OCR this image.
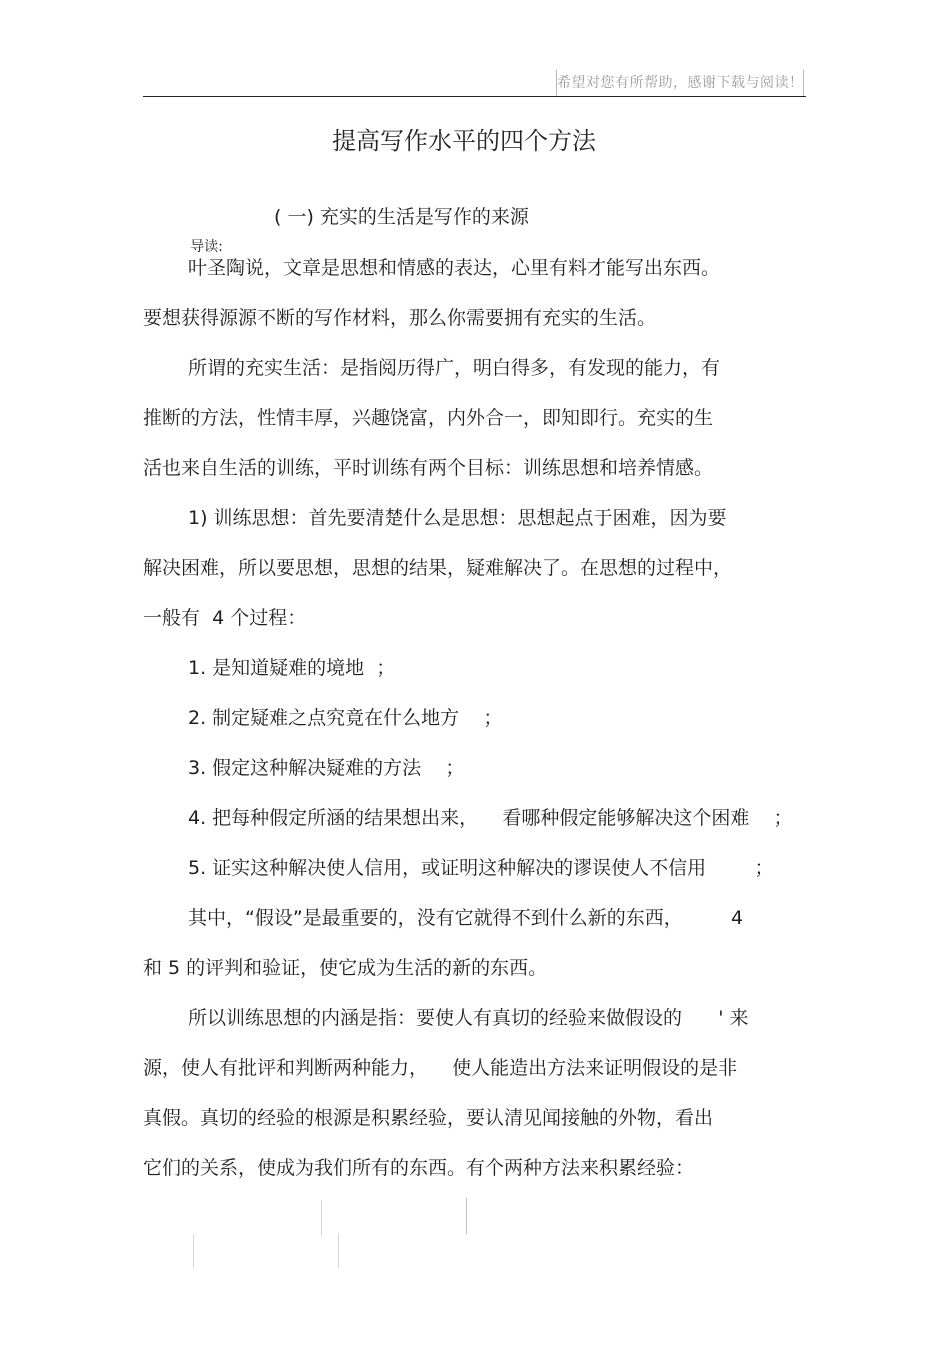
希望对您有所帮助，感谢下载与阅读！
提高写作水平的四个方法

导读:

( 一) 充实的生活是写作的来源
叶圣陶说，文章是思想和情感的表达，心里有料才能写出东西。
要想获得源源不断的写作材料，那么你需要拥有充实的生活。
所谓的充实生活：是指阅历得广，明白得多，有发现的能力，有
推断的方法，性情丰厚，兴趣饶富，内外合一，即知即行。充实的生
活也来自生活的训练，平时训练有两个目标：训练思想和培养情感。
1) 训练思想：首先要清楚什么是思想：思想起点于困难，因为要
解决困难，所以要思想，思想的结果，疑难解决了。在思想的过程中，
一般有  4 个过程：
1. 是知道疑难的境地  ；
2. 制定疑难之点究竟在什么地方    ；
3. 假定这种解决疑难的方法    ；
4. 把每种假定所涵的结果想出来，    看哪种假定能够解决这个困难    ；
5. 证实这种解决使人信用，或证明这种解决的谬误使人不信用        ；
其中，“假设”是最重要的，没有它就得不到什么新的东西，        4
和 5 的评判和验证，使它成为生活的新的东西。
所以训练思想的内涵是指：要使人有真切的经验来做假设的      ' 来
源，使人有批评和判断两种能力，    使人能造出方法来证明假设的是非
真假。真切的经验的根源是积累经验，要认清见闻接触的外物，看出
它们的关系，使成为我们所有的东西。有个两种方法来积累经验：
